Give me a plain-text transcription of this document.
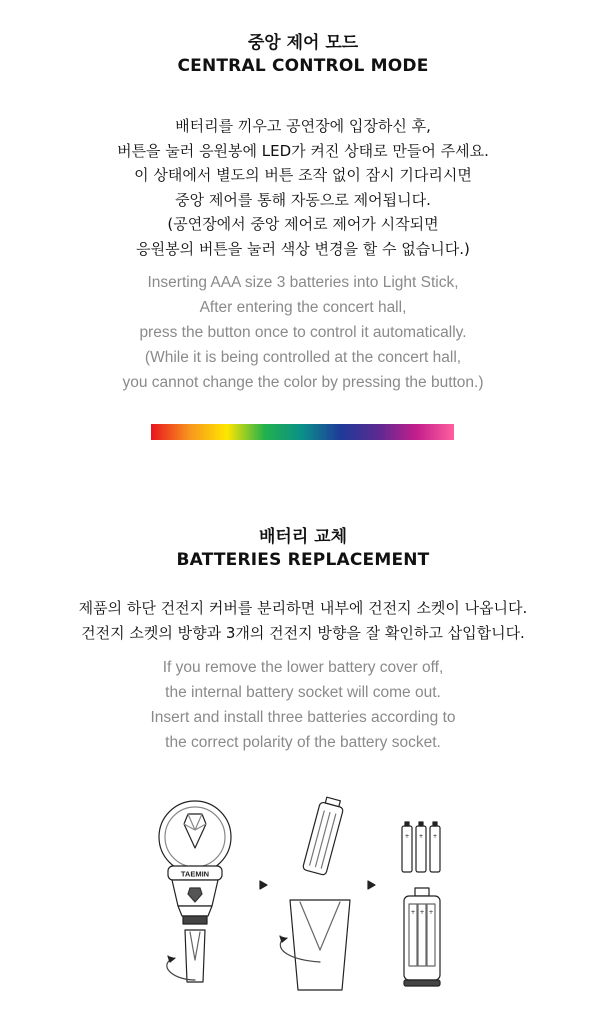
중앙 제어 모드
CENTRAL CONTROL MODE
배터리를 끼우고 공연장에 입장하신 후,
버튼을 눌러 응원봉에 LED가 켜진 상태로 만들어 주세요.
이 상태에서 별도의 버튼 조작 없이 잠시 기다리시면
중앙 제어를 통해 자동으로 제어됩니다.
(공연장에서 중앙 제어로 제어가 시작되면
응원봉의 버튼을 눌러 색상 변경을 할 수 없습니다.)
Inserting AAA size 3 batteries into Light Stick,
After entering the concert hall,
press the button once to control it automatically.
(While it is being controlled at the concert hall,
you cannot change the color by pressing the button.)
배터리 교체
BATTERIES REPLACEMENT
제품의 하단 건전지 커버를 분리하면 내부에 건전지 소켓이 나옵니다.
건전지 소켓의 방향과 3개의 건전지 방향을 잘 확인하고 삽입합니다.
If you remove the lower battery cover off,
the internal battery socket will come out.
Insert and install three batteries according to
the correct polarity of the battery socket.
TAEMIN
+ + +
+ + +
